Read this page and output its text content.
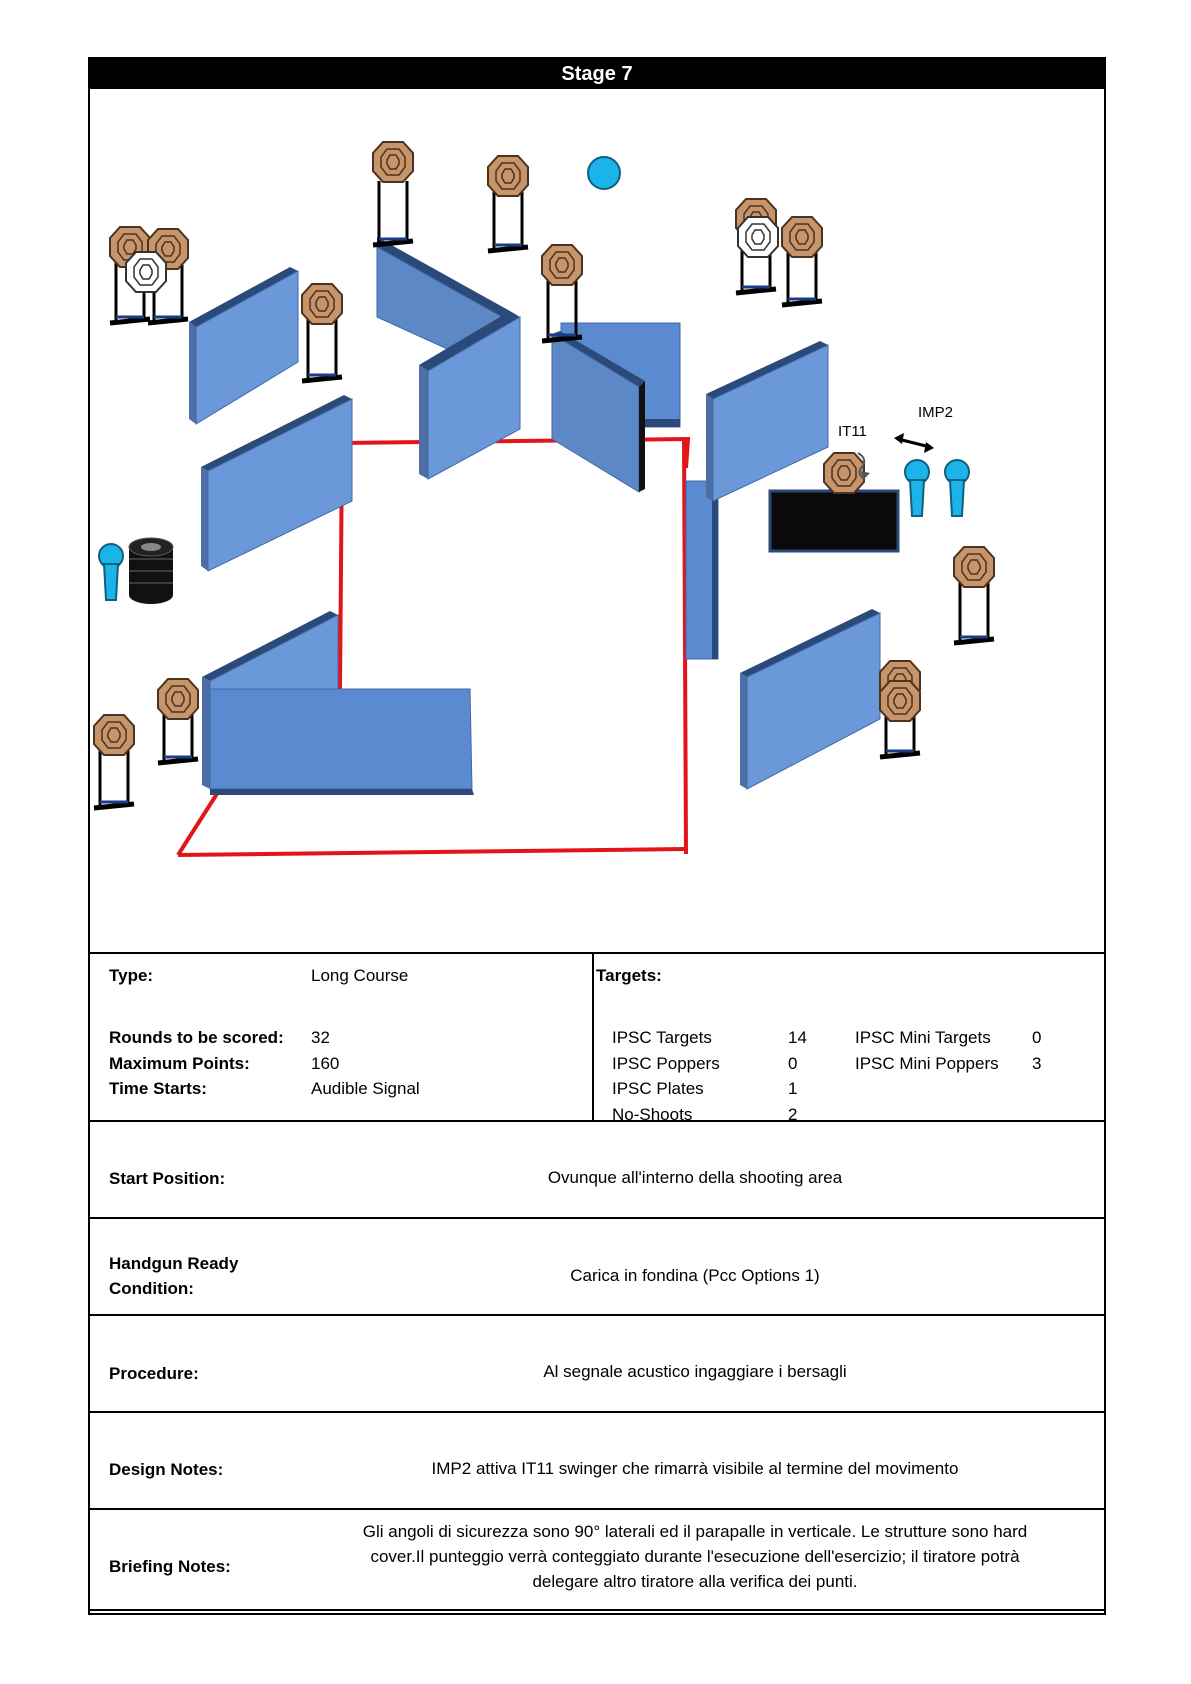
Stage 7
IMP2
IT11
Type:	Long Course
Rounds to be scored: 32
Maximum Points:	160
Time Starts:	Audible Signal
Targets:
IPSC Targets	14
IPSC Poppers	0
IPSC Plates	1
No-Shoots	2
IPSC Mini Targets 0
IPSC Mini Poppers 3
Start Position:	Ovunque all'interno della shooting area
Handgun Ready
Condition:
Carica in fondina (Pcc Options 1)
Procedure:	Al segnale acustico ingaggiare i bersagli
Design Notes:	IMP2 attiva IT11 swinger che rimarrà visibile al termine del movimento
Briefing Notes:
Gli angoli di sicurezza sono 90° laterali ed il parapalle in verticale. Le strutture sono hard
cover.Il punteggio verrà conteggiato durante l'esecuzione dell'esercizio; il tiratore potrà
delegare altro tiratore alla verifica dei punti.
